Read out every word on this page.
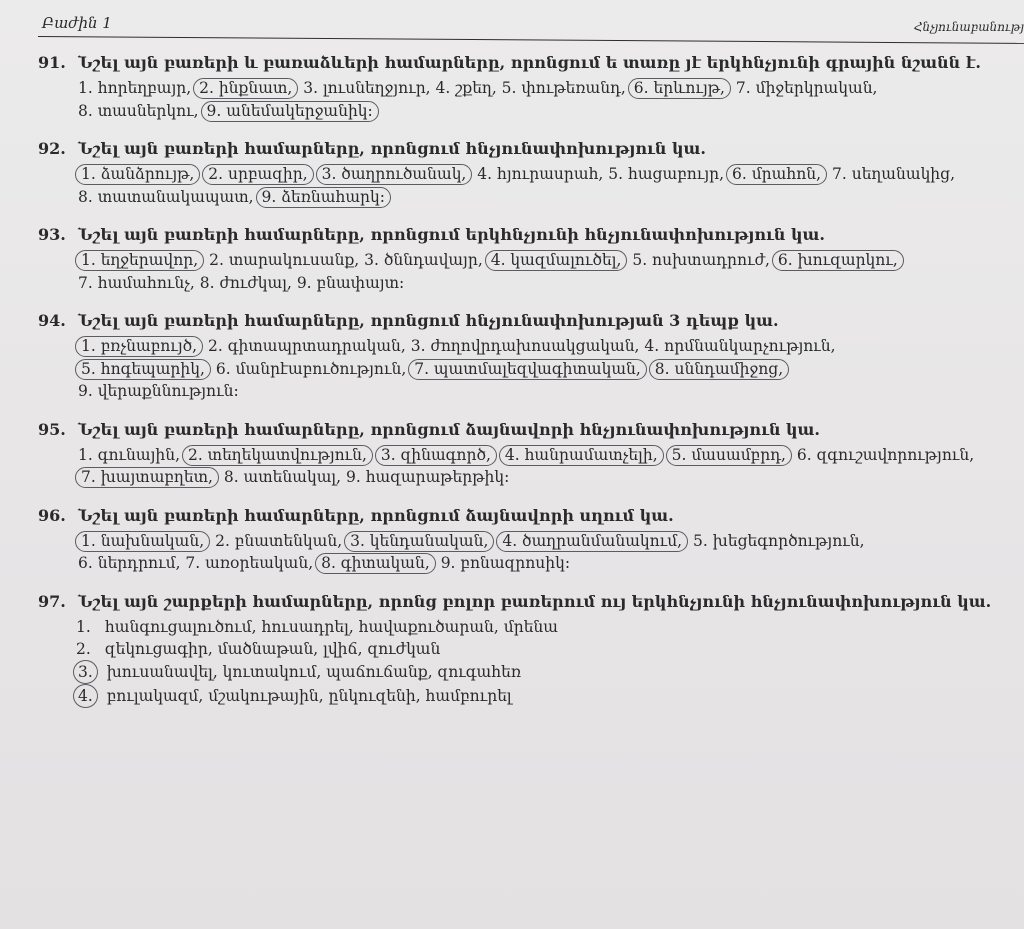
Բաժին 1	Հնչյունաբանությ
91. Նշել այն բառերի և բառաձևերի համարները, որոնցում ե տառը յէ երկհնչյունի գրային նշանն է.
1. հորեղբայր, 2. ինքնատ, 3. լուսնեղջյուր, 4. շքեղ, 5. փութեռանդ, 6. երևույթ, 7. միջերկրական,
8. տասներկու, 9. անեմակերջանիկ:
92. Նշել այն բառերի համարները, որոնցում հնչյունափոխություն կա.
1. ձանձրույթ, 2. սրբազիր, 3. ծաղրուծանակ, 4. հյուրասրահ, 5. հացաբույր, 6. մրահոն, 7. սեղանակից,
8. տատանակապատ, 9. ձեռնահարկ:
93. Նշել այն բառերի համարները, որոնցում երկհնչյունի հնչյունափոխություն կա.
1. եղջերավոր, 2. տարակուսանք, 3. ծննդավայր, 4. կազմալուծել, 5. ոսխտադրուժ, 6. խուզարկու,
7. համահունչ, 8. ժուժկալ, 9. բնափայտ:
94. Նշել այն բառերի համարները, որոնցում հնչյունափոխության 3 դեպք կա.
1. բռչնաբույծ, 2. գիտապրտադրական, 3. ժողովրդախոսակցական, 4. որմնանկարչություն,
5. հոգեպարիկ, 6. մանրէաբուծություն, 7. պատմալեզվագիտական, 8. սննդամիջոց,
9. վերաքննություն:
95. Նշել այն բառերի համարները, որոնցում ձայնավորի հնչյունափոխություն կա.
1. գունային, 2. տեղեկատվություն, 3. զինագործ, 4. հանրամատչելի, 5. մասամբրդ, 6. զգուշավորություն,
7. խայտաբղետ, 8. ատենակալ, 9. հազարաթերթիկ:
96. Նշել այն բառերի համարները, որոնցում ձայնավորի սղում կա.
1. նախնական, 2. բնատենկան, 3. կենդանական, 4. ծաղրանմանակում, 5. խեցեգործություն,
6. ներդրում, 7. առօրեական, 8. գիտական, 9. բոնազրոսիկ:
97. Նշել այն շարքերի համարները, որոնց բոլոր բառերում ույ երկհնչյունի հնչյունափոխություն կա.
1. հանգուցալուծում, հուսադրել, հավաքուծարան, մրենա
2. զեկուցագիր, մածնաթան, լվիճ, զուժկան
3. խուսանավել, կուտակում, պաճուճանք, զուգահեռ
4. բուլակազմ, մշակութային, ընկուզենի, համբուրել
